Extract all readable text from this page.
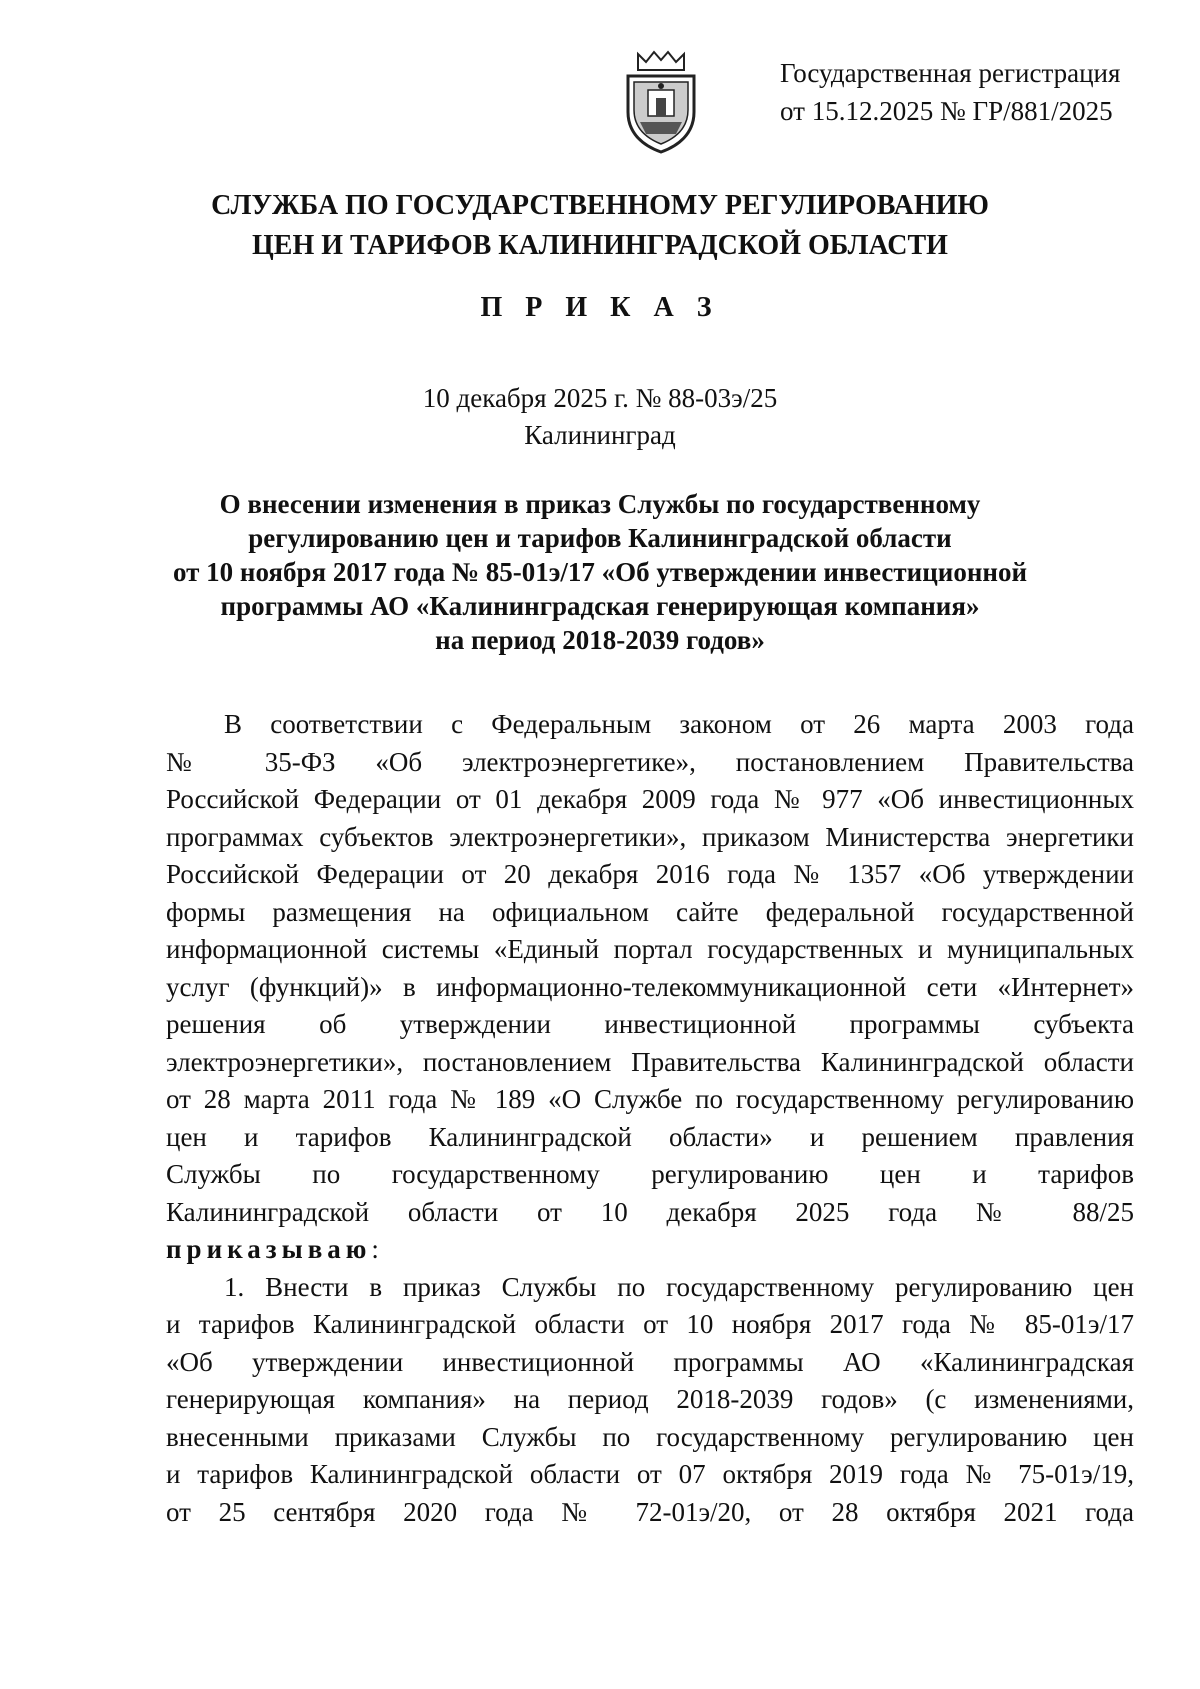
Государственная регистрация
от 15.12.2025 № ГР/881/2025
СЛУЖБА ПО ГОСУДАРСТВЕННОМУ РЕГУЛИРОВАНИЮ
ЦЕН И ТАРИФОВ КАЛИНИНГРАДСКОЙ ОБЛАСТИ
П Р И К А З
10 декабря 2025 г. № 88-03э/25
Калининград
О внесении изменения в приказ Службы по государственному
регулированию цен и тарифов Калининградской области
от 10 ноября 2017 года № 85-01э/17 «Об утверждении инвестиционной
программы АО «Калининградская генерирующая компания»
на период 2018-2039 годов»
В соответствии с Федеральным законом от 26 марта 2003 года
№ 35-ФЗ «Об электроэнергетике», постановлением Правительства
Российской Федерации от 01 декабря 2009 года № 977 «Об инвестиционных
программах субъектов электроэнергетики», приказом Министерства энергетики
Российской Федерации от 20 декабря 2016 года № 1357 «Об утверждении
формы размещения на официальном сайте федеральной государственной
информационной системы «Единый портал государственных и муниципальных
услуг (функций)» в информационно-телекоммуникационной сети «Интернет»
решения об утверждении инвестиционной программы субъекта
электроэнергетики», постановлением Правительства Калининградской области
от 28 марта 2011 года № 189 «О Службе по государственному регулированию
цен и тарифов Калининградской области» и решением правления
Службы по государственному регулированию цен и тарифов
Калининградской области от 10 декабря 2025 года № 88/25
приказываю:
1. Внести в приказ Службы по государственному регулированию цен
и тарифов Калининградской области от 10 ноября 2017 года № 85-01э/17
«Об утверждении инвестиционной программы АО «Калининградская
генерирующая компания» на период 2018-2039 годов» (с изменениями,
внесенными приказами Службы по государственному регулированию цен
и тарифов Калининградской области от 07 октября 2019 года № 75-01э/19,
от 25 сентября 2020 года № 72-01э/20, от 28 октября 2021 года
